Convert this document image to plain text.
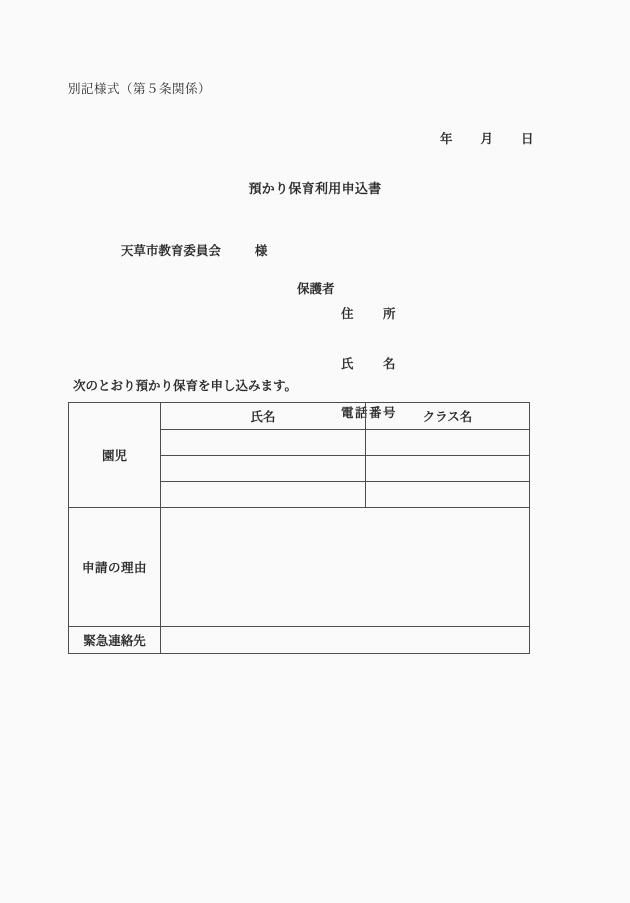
別記様式（第５条関係）
年　　月　　日
預かり保育利用申込書

天草市教育委員会	様

保護者

住　　所

氏　　名

電話番号

次のとおり預かり保育を申し込みます。
園児	氏名	クラス名

申請の理由		
緊急連絡先		
